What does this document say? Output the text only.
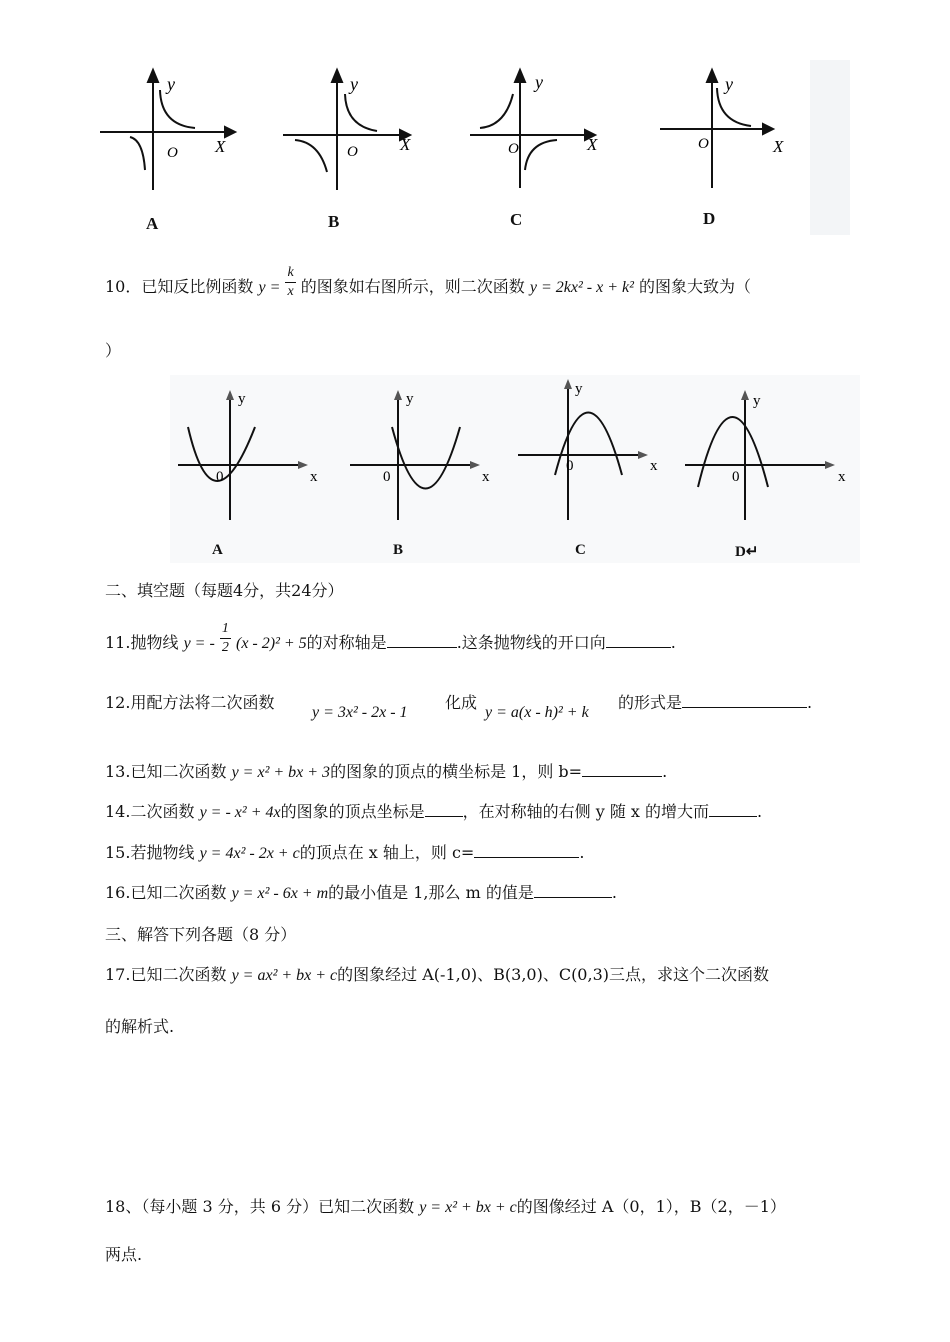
y
O X
y
O X
y
O	X
y
O	X
A	B	C	D
10．已知反比例函数 $y = \frac{k}{x}$ 的图象如右图所示，则二次函数 y = 2kx² - x + k² 的图象大致为（
）
y
0	x
y
0	x
y
0	x
y
0	x
A	B	C	D↵
二、填空题（每题4分，共24分）
11.抛物线 y = - $\frac{1}{2} (x - 2)^2 + 5$的对称轴是	.这条抛物线的开口向	.
12.用配方法将二次函数
y = 3x² - 2x - 1
化成
y = a(x - h)² + k
的形式是	.
13.已知二次函数 y = x² + bx + 3的图象的顶点的横坐标是 1，则 b=	.
14.二次函数 y = - x² + 4x的图象的顶点坐标是 ，在对称轴的右侧 y 随 x 的增大而	.
15.若抛物线 y = 4x² - 2x + c的顶点在 x 轴上，则 c=	.
16.已知二次函数 y = x² - 6x + m的最小值是 1,那么 m 的值是	.
三、解答下列各题（8 分）
17.已知二次函数 y = ax² + bx + c的图象经过 A(-1,0)、B(3,0)、C(0,3)三点，求这个二次函数
的解析式.
18、（每小题 3 分，共 6 分）已知二次函数 y = x² + bx + c的图像经过 A（0，1），B（2，－1）
两点.
